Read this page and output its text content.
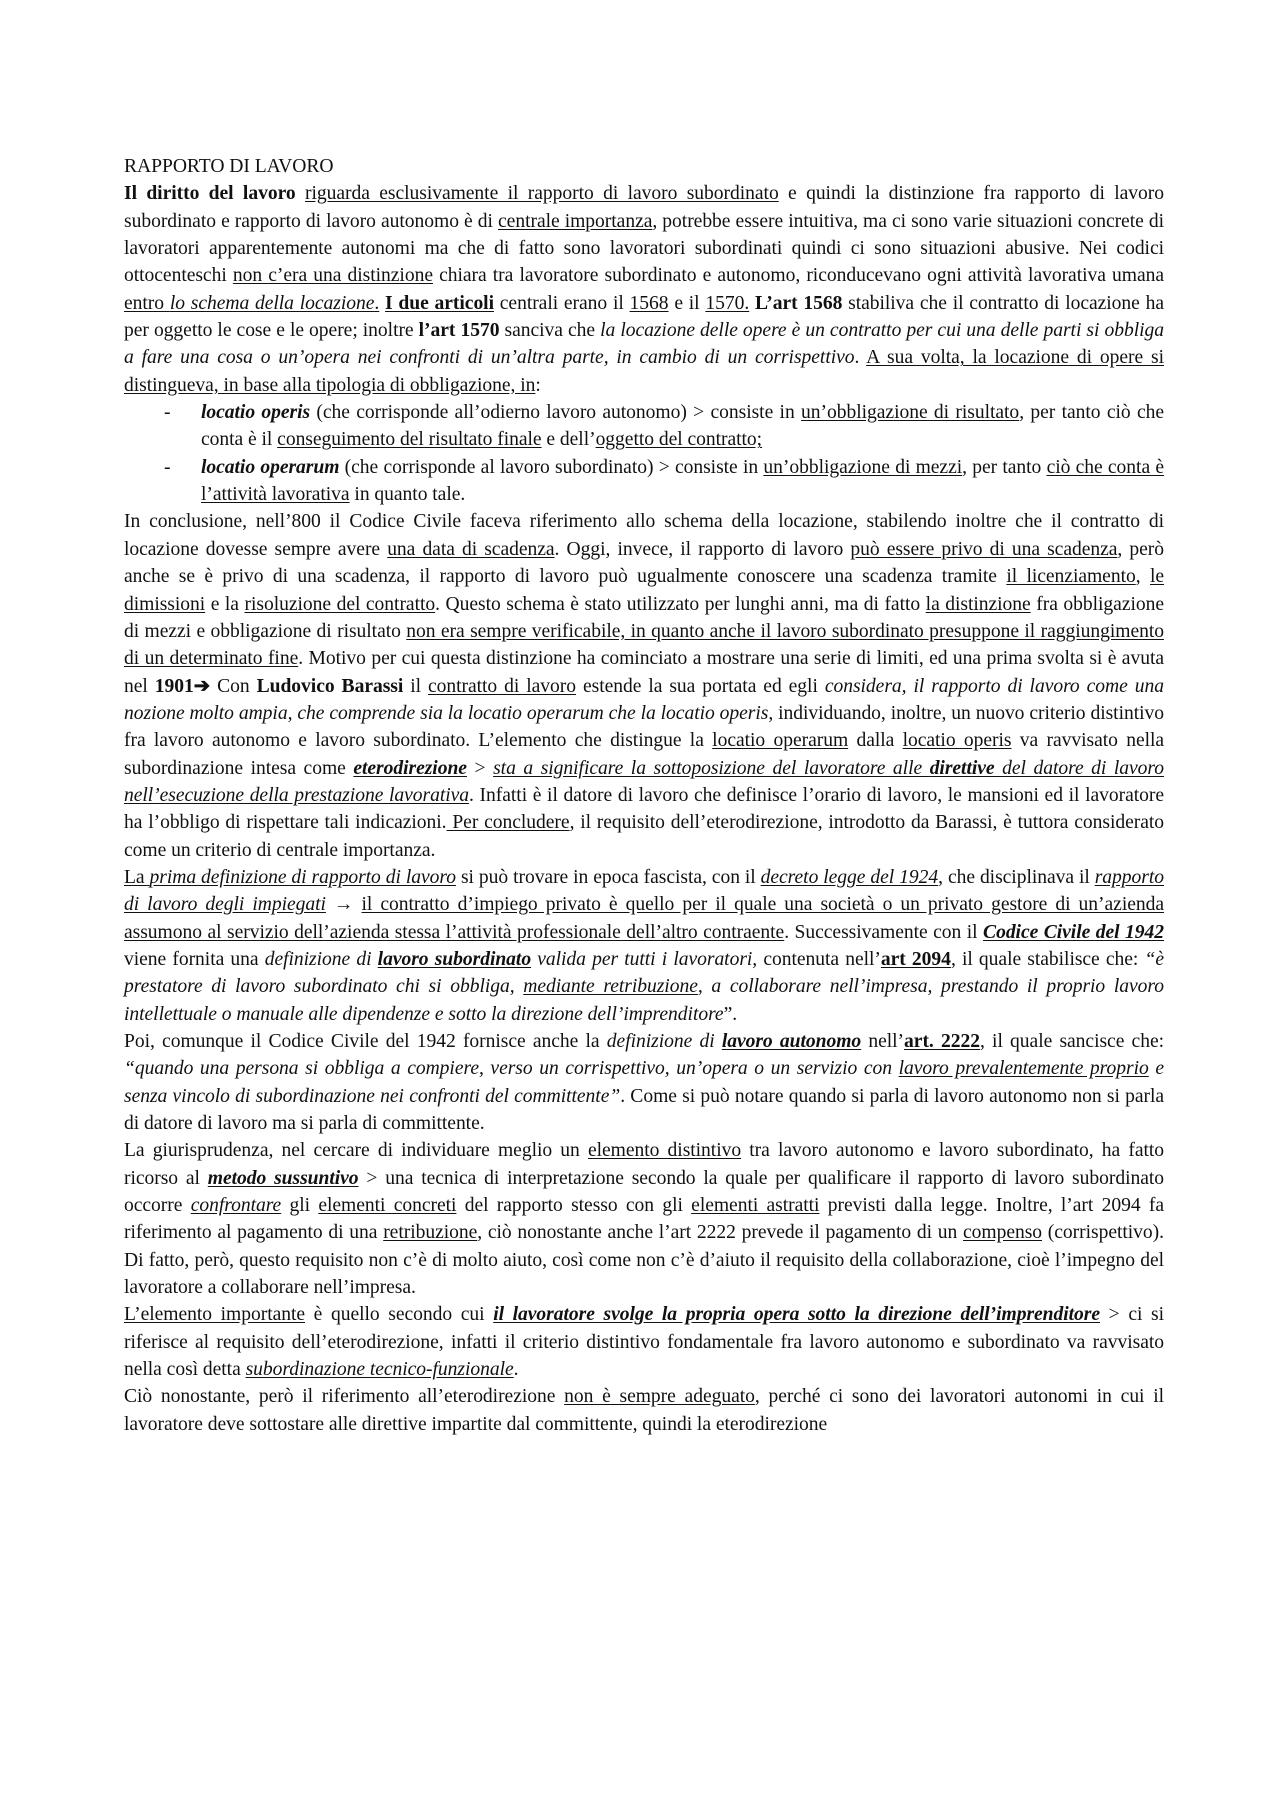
RAPPORTO DI LAVORO

Il diritto del lavoro riguarda esclusivamente il rapporto di lavoro subordinato e quindi la distinzione fra rapporto di lavoro subordinato e rapporto di lavoro autonomo è di centrale importanza, potrebbe essere intuitiva, ma ci sono varie situazioni concrete di lavoratori apparentemente autonomi ma che di fatto sono lavoratori subordinati quindi ci sono situazioni abusive. Nei codici ottocenteschi non c’era una distinzione chiara tra lavoratore subordinato e autonomo, riconducevano ogni attività lavorativa umana entro lo schema della locazione. I due articoli centrali erano il 1568 e il 1570. L’art 1568 stabiliva che il contratto di locazione ha per oggetto le cose e le opere; inoltre l’art 1570 sanciva che la locazione delle opere è un contratto per cui una delle parti si obbliga a fare una cosa o un’opera nei confronti di un’altra parte, in cambio di un corrispettivo. A sua volta, la locazione di opere si distingueva, in base alla tipologia di obbligazione, in:

- locatio operis (che corrisponde all’odierno lavoro autonomo) > consiste in un’obbligazione di risultato, per tanto ciò che conta è il conseguimento del risultato finale e dell’oggetto del contratto;
- locatio operarum (che corrisponde al lavoro subordinato) > consiste in un’obbligazione di mezzi, per tanto ciò che conta è l’attività lavorativa in quanto tale.

In conclusione, nell’800 il Codice Civile faceva riferimento allo schema della locazione, stabilendo inoltre che il contratto di locazione dovesse sempre avere una data di scadenza. Oggi, invece, il rapporto di lavoro può essere privo di una scadenza, però anche se è privo di una scadenza, il rapporto di lavoro può ugualmente conoscere una scadenza tramite il licenziamento, le dimissioni e la risoluzione del contratto. Questo schema è stato utilizzato per lunghi anni, ma di fatto la distinzione fra obbligazione di mezzi e obbligazione di risultato non era sempre verificabile, in quanto anche il lavoro subordinato presuppone il raggiungimento di un determinato fine. Motivo per cui questa distinzione ha cominciato a mostrare una serie di limiti, ed una prima svolta si è avuta nel 1901➔ Con Ludovico Barassi il contratto di lavoro estende la sua portata ed egli considera, il rapporto di lavoro come una nozione molto ampia, che comprende sia la locatio operarum che la locatio operis, individuando, inoltre, un nuovo criterio distintivo fra lavoro autonomo e lavoro subordinato. L’elemento che distingue la locatio operarum dalla locatio operis va ravvisato nella subordinazione intesa come eterodirezione > sta a significare la sottoposizione del lavoratore alle direttive del datore di lavoro nell’esecuzione della prestazione lavorativa. Infatti è il datore di lavoro che definisce l’orario di lavoro, le mansioni ed il lavoratore ha l’obbligo di rispettare tali indicazioni. Per concludere, il requisito dell’eterodirezione, introdotto da Barassi, è tuttora considerato come un criterio di centrale importanza.

La prima definizione di rapporto di lavoro si può trovare in epoca fascista, con il decreto legge del 1924, che disciplinava il rapporto di lavoro degli impiegati → il contratto d’impiego privato è quello per il quale una società o un privato gestore di un’azienda assumono al servizio dell’azienda stessa l’attività professionale dell’altro contraente. Successivamente con il Codice Civile del 1942 viene fornita una definizione di lavoro subordinato valida per tutti i lavoratori, contenuta nell’art 2094, il quale stabilisce che: “è prestatore di lavoro subordinato chi si obbliga, mediante retribuzione, a collaborare nell’impresa, prestando il proprio lavoro intellettuale o manuale alle dipendenze e sotto la direzione dell’imprenditore”.

Poi, comunque il Codice Civile del 1942 fornisce anche la definizione di lavoro autonomo nell’art. 2222, il quale sancisce che: “quando una persona si obbliga a compiere, verso un corrispettivo, un’opera o un servizio con lavoro prevalentemente proprio e senza vincolo di subordinazione nei confronti del committente”. Come si può notare quando si parla di lavoro autonomo non si parla di datore di lavoro ma si parla di committente.

La giurisprudenza, nel cercare di individuare meglio un elemento distintivo tra lavoro autonomo e lavoro subordinato, ha fatto ricorso al metodo sussuntivo > una tecnica di interpretazione secondo la quale per qualificare il rapporto di lavoro subordinato occorre confrontare gli elementi concreti del rapporto stesso con gli elementi astratti previsti dalla legge. Inoltre, l’art 2094 fa riferimento al pagamento di una retribuzione, ciò nonostante anche l’art 2222 prevede il pagamento di un compenso (corrispettivo). Di fatto, però, questo requisito non c’è di molto aiuto, così come non c’è d’aiuto il requisito della collaborazione, cioè l’impegno del lavoratore a collaborare nell’impresa.

L’elemento importante è quello secondo cui il lavoratore svolge la propria opera sotto la direzione dell’imprenditore > ci si riferisce al requisito dell’eterodirezione, infatti il criterio distintivo fondamentale fra lavoro autonomo e subordinato va ravvisato nella così detta subordinazione tecnico-funzionale.

Ciò nonostante, però il riferimento all’eterodirezione non è sempre adeguato, perché ci sono dei lavoratori autonomi in cui il lavoratore deve sottostare alle direttive impartite dal committente, quindi la eterodirezione
